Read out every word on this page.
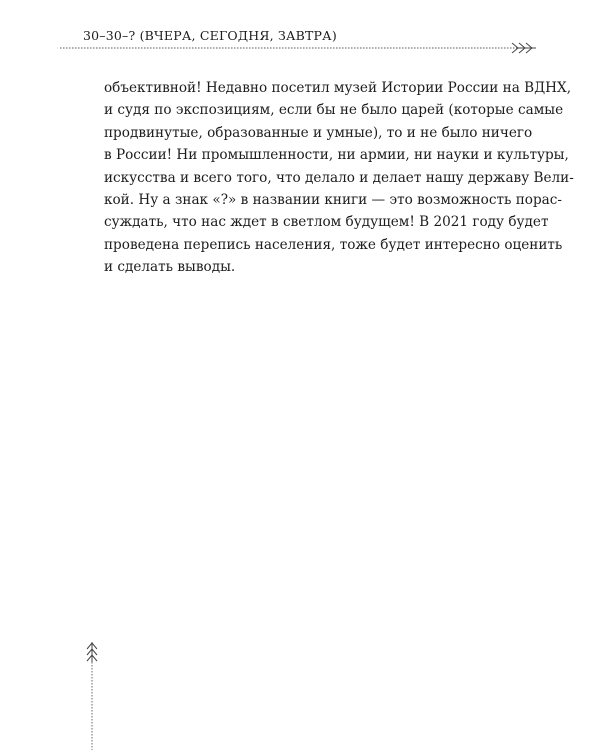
30–30–? (ВЧЕРА, СЕГОДНЯ, ЗАВТРА)
объективной! Недавно посетил музей Истории России на ВДНХ,
и судя по экспозициям, если бы не было царей (которые самые
продвинутые, образованные и умные), то и не было ничего
в России! Ни промышленности, ни армии, ни науки и культуры,
искусства и всего того, что делало и делает нашу державу Вели-
кой. Ну а знак «?» в названии книги — это возможность порас-
суждать, что нас ждет в светлом будущем! В 2021 году будет
проведена перепись населения, тоже будет интересно оценить
и сделать выводы.
